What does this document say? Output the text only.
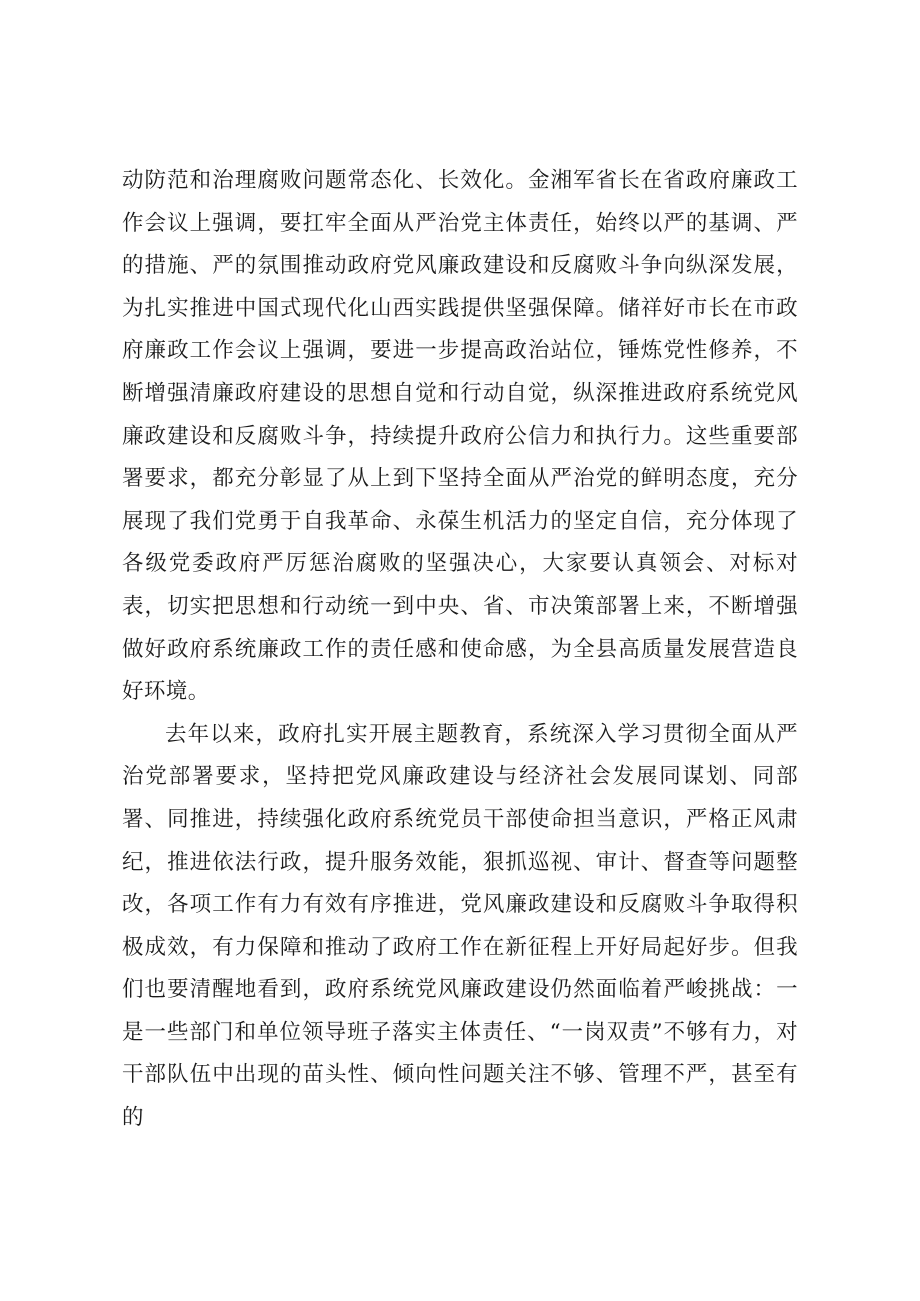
动防范和治理腐败问题常态化、长效化。金湘军省长在省政府廉政工作会议上强调，要扛牢全面从严治党主体责任，始终以严的基调、严的措施、严的氛围推动政府党风廉政建设和反腐败斗争向纵深发展，为扎实推进中国式现代化山西实践提供坚强保障。储祥好市长在市政府廉政工作会议上强调，要进一步提高政治站位，锤炼党性修养，不断增强清廉政府建设的思想自觉和行动自觉，纵深推进政府系统党风廉政建设和反腐败斗争，持续提升政府公信力和执行力。这些重要部署要求，都充分彰显了从上到下坚持全面从严治党的鲜明态度，充分展现了我们党勇于自我革命、永葆生机活力的坚定自信，充分体现了各级党委政府严厉惩治腐败的坚强决心，大家要认真领会、对标对表，切实把思想和行动统一到中央、省、市决策部署上来，不断增强做好政府系统廉政工作的责任感和使命感，为全县高质量发展营造良好环境。

去年以来，政府扎实开展主题教育，系统深入学习贯彻全面从严治党部署要求，坚持把党风廉政建设与经济社会发展同谋划、同部署、同推进，持续强化政府系统党员干部使命担当意识，严格正风肃纪，推进依法行政，提升服务效能，狠抓巡视、审计、督查等问题整改，各项工作有力有效有序推进，党风廉政建设和反腐败斗争取得积极成效，有力保障和推动了政府工作在新征程上开好局起好步。但我们也要清醒地看到，政府系统党风廉政建设仍然面临着严峻挑战：一是一些部门和单位领导班子落实主体责任、“一岗双责”不够有力，对干部队伍中出现的苗头性、倾向性问题关注不够、管理不严，甚至有的
